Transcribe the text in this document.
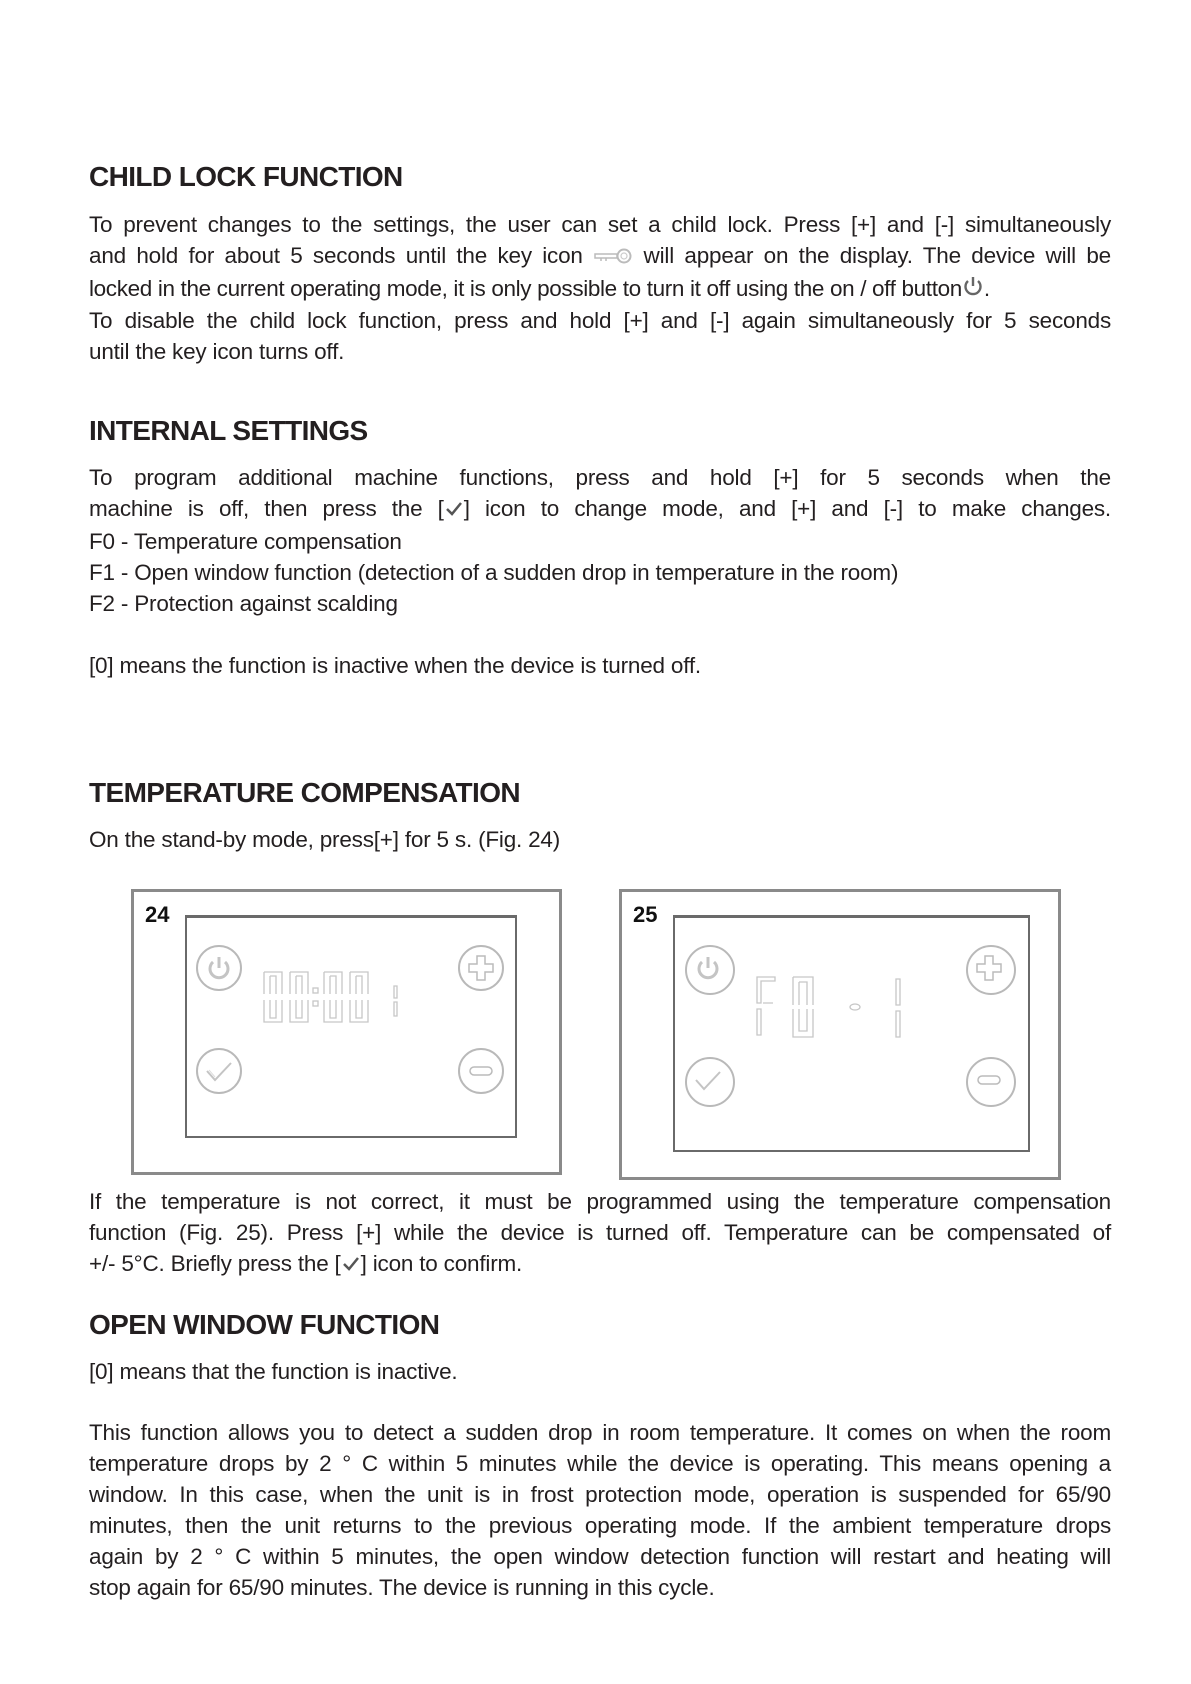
CHILD LOCK FUNCTION
To prevent changes to the settings, the user can set a child lock. Press [+] and [-] simultaneously
and hold for about 5 seconds until the key icon	will appear on the display. The device will be
locked in the current operating mode, it is only possible to turn it off using the on / off button .
To disable the child lock function, press and hold [+] and [-] again simultaneously for 5 seconds
until the key icon turns off.
INTERNAL SETTINGS
To program additional machine functions, press and hold [+] for 5 seconds when the
machine is off, then press the [ ] icon to change mode, and [+] and [-] to make changes.
F0 - Temperature compensation
F1 - Open window function (detection of a sudden drop in temperature in the room)
F2 - Protection against scalding

[0] means the function is inactive when the device is turned off.
TEMPERATURE COMPENSATION
On the stand-by mode, press[+] for 5 s. (Fig. 24)
24	25
If the temperature is not correct, it must be programmed using the temperature compensation
function (Fig. 25). Press [+] while the device is turned off. Temperature can be compensated of
+/- 5°C. Briefly press the [ ] icon to confirm.
OPEN WINDOW FUNCTION
[0] means that the function is inactive.
This function allows you to detect a sudden drop in room temperature. It comes on when the room
temperature drops by 2 ° C within 5 minutes while the device is operating. This means opening a
window. In this case, when the unit is in frost protection mode, operation is suspended for 65/90
minutes, then the unit returns to the previous operating mode. If the ambient temperature drops
again by 2 ° C within 5 minutes, the open window detection function will restart and heating will
stop again for 65/90 minutes. The device is running in this cycle.
